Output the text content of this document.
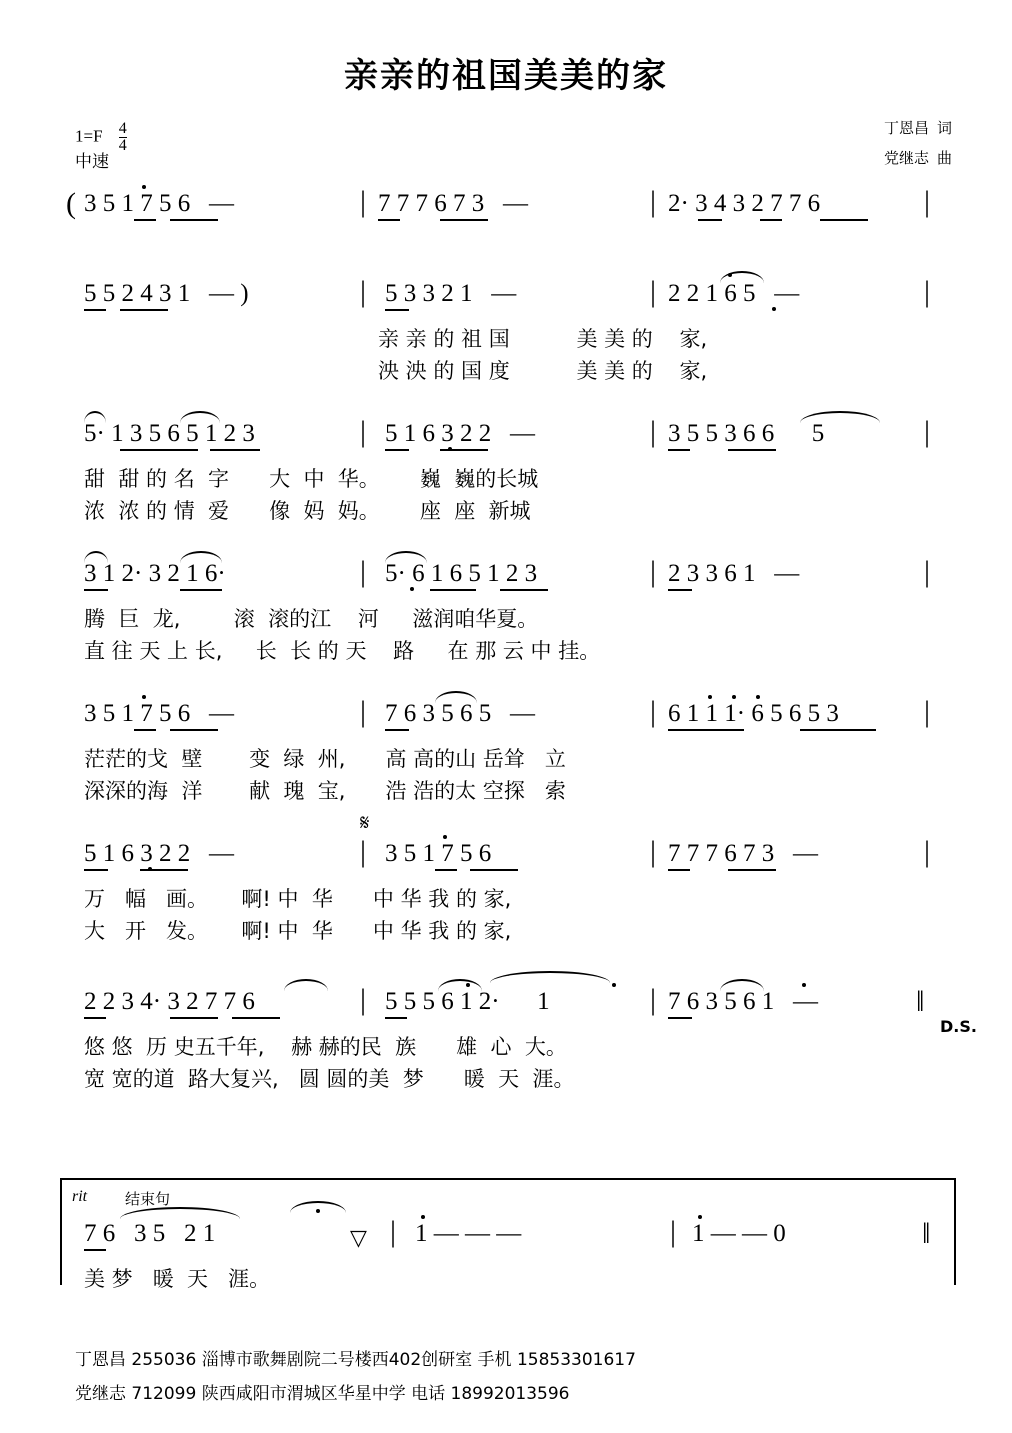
亲亲的祖国美美的家
$1=F \frac{4}{4}$
中速
丁恩昌 词
党继志 曲
( 3 5 1 7 5 6   —	| 7 7 7 6 7 3   —	| 2· 3 4 3 2 7 7 6	|
5 5 2 4 3 1   — )	| 5 3 3 2 1   —	| 2 2 1 6 5   —	|
亲 亲 的 祖 国          美 美 的    家,
泱 泱 的 国 度          美 美 的    家,
5· 1 3 5 6 5 1 2 3	| 5 1 6 3 2 2   —	| 3 5 5 3 6 6      5	|
甜  甜 的 名  字      大  中  华。      巍  巍的长城
浓  浓 的 情  爱      像  妈  妈。      座  座  新城
3 1 2· 3 2 1 6·	| 5· 6 1 6 5 1 2 3	| 2 3 3 6 1   —	|
腾  巨  龙,        滚  滚的江    河     滋润咱华夏。
直 往 天 上 长,     长  长 的 天    路     在 那 云 中 挂。
3 5 1 7 5 6   —	| 7 6 3 5 6 5   —	| 6 1 1 1· 6 5 6 5 3	|
茫茫的戈  壁       变  绿  州,      高 高的山 岳耸   立
深深的海  洋       献  瑰  宝,      浩 浩的太 空探   索
5 1 6 3 2 2   —
𝄋
| 3 5 1 7 5 6	| 7 7 7 6 7 3   —	|
万   幅   画。     啊! 中  华      中 华 我 的 家,
大   开   发。     啊! 中  华      中 华 我 的 家,
2 2 3 4· 3 2 7 7 6	| 5 5 5 6 1 2·      1	| 7 6 3 5 6 1   —	‖
D.S.
悠 悠  历 史五千年,    赫 赫的民  族      雄  心  大。
宽 宽的道  路大复兴,   圆 圆的美  梦      暖  天  涯。
rit	结束句
7 6   3 5   2 1	▽ | 1 — — —	| 1 — — 0	‖
美 梦   暖  天   涯。
丁恩昌 255036 淄博市歌舞剧院二号楼西402创研室 手机 15853301617
党继志 712099 陕西咸阳市渭城区华星中学 电话 18992013596
